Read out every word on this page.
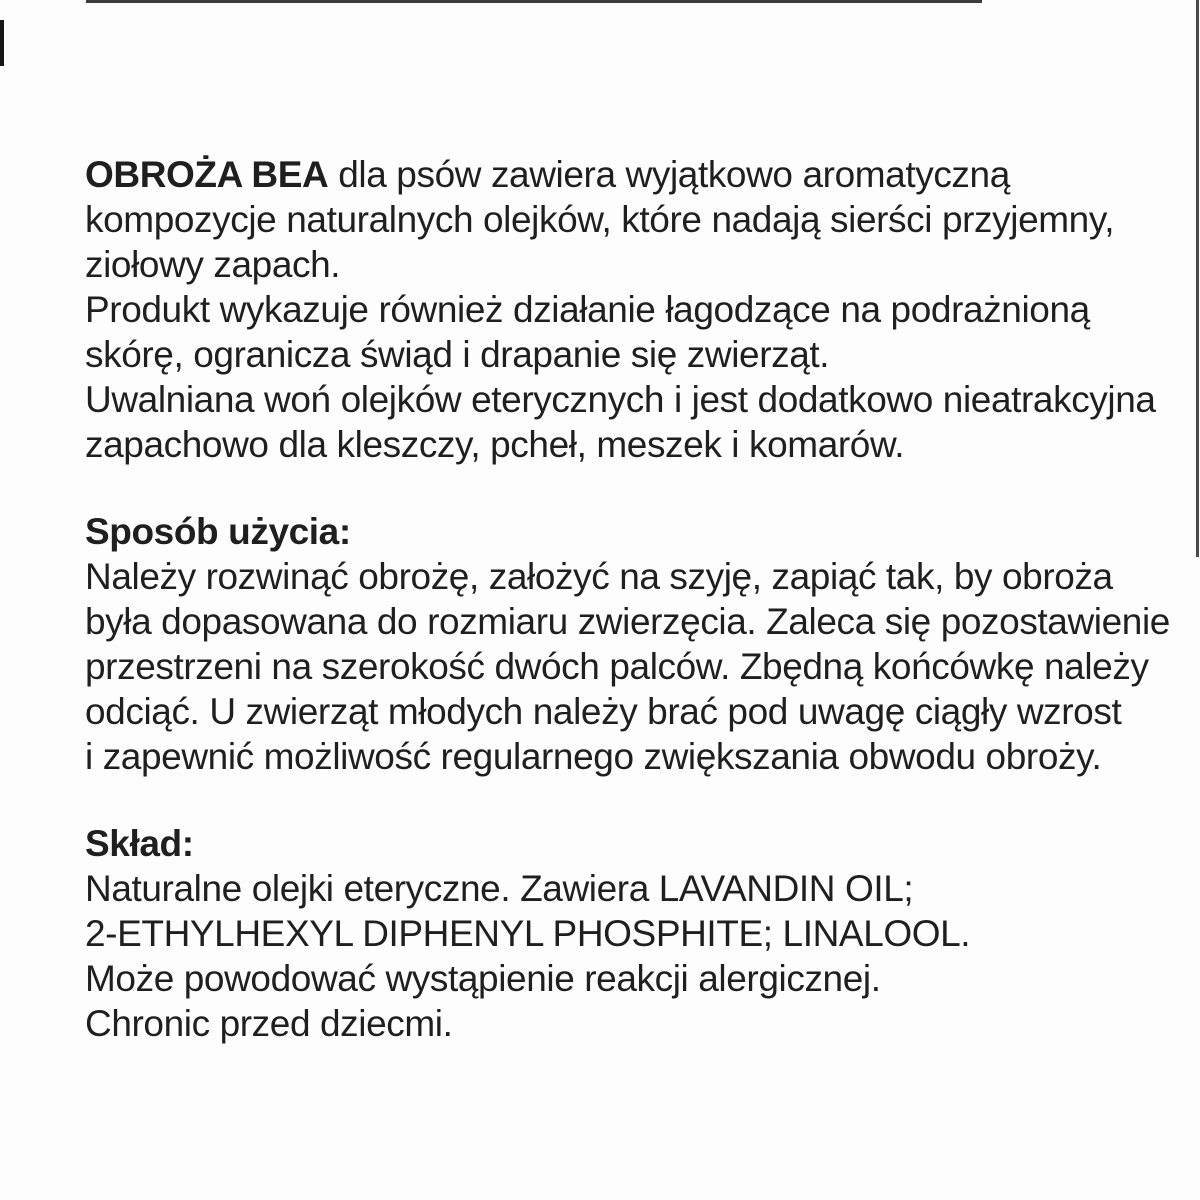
OBROŻA BEA dla psów zawiera wyjątkowo aromatyczną
kompozycje naturalnych olejków, które nadają sierści przyjemny,
ziołowy zapach.
Produkt wykazuje również działanie łagodzące na podrażnioną
skórę, ogranicza świąd i drapanie się zwierząt.
Uwalniana woń olejków eterycznych i jest dodatkowo nieatrakcyjna
zapachowo dla kleszczy, pcheł, meszek i komarów.
Sposób użycia:
Należy rozwinąć obrożę, założyć na szyję, zapiąć tak, by obroża
była dopasowana do rozmiaru zwierzęcia. Zaleca się pozostawienie
przestrzeni na szerokość dwóch palców. Zbędną końcówkę należy
odciąć. U zwierząt młodych należy brać pod uwagę ciągły wzrost
i zapewnić możliwość regularnego zwiększania obwodu obroży.
Skład:
Naturalne olejki eteryczne. Zawiera LAVANDIN OIL;
2-ETHYLHEXYL DIPHENYL PHOSPHITE; LINALOOL.
Może powodować wystąpienie reakcji alergicznej.
Chronic przed dziecmi.
